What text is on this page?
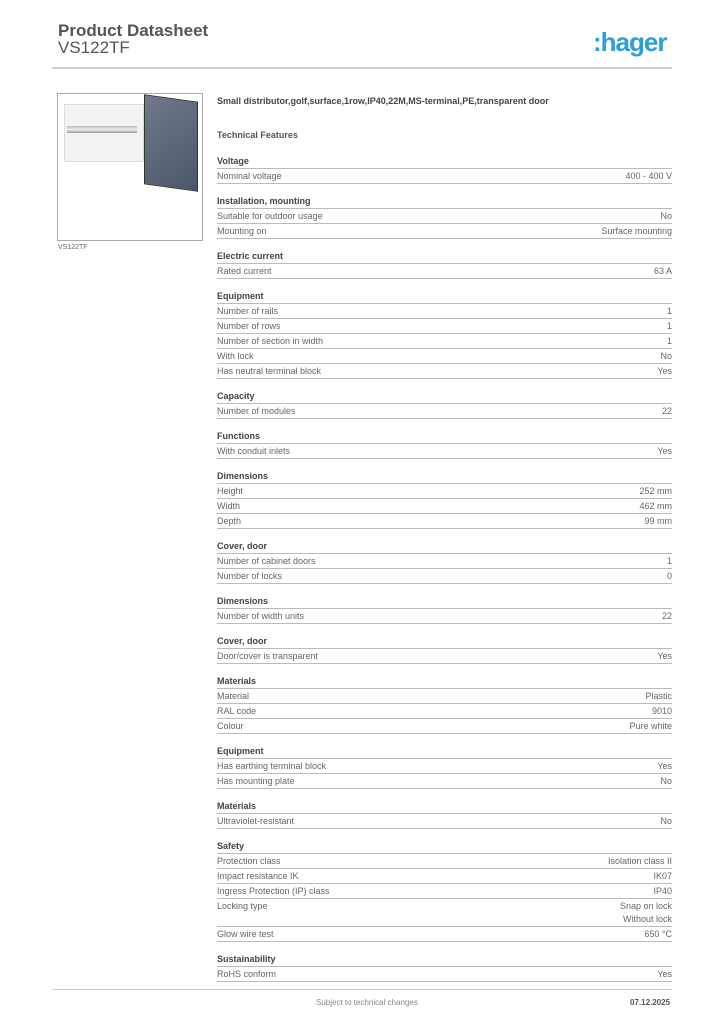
Product Datasheet
VS122TF	:hager
VS122TF
Small distributor,golf,surface,1row,IP40,22M,MS-terminal,PE,transparent door
Technical Features
Voltage
Nominal voltage	400 - 400 V
Installation, mounting
Suitable for outdoor usage	No
Mounting on	Surface mounting
Electric current
Rated current	63 A
Equipment
Number of rails	1
Number of rows	1
Number of section in width	1
With lock	No
Has neutral terminal block	Yes
Capacity
Number of modules	22
Functions
With conduit inlets	Yes
Dimensions
Height	252 mm
Width	462 mm
Depth	99 mm
Cover, door
Number of cabinet doors	1
Number of locks	0
Dimensions
Number of width units	22
Cover, door
Door/cover is transparent	Yes
Materials
Material	Plastic
RAL code	9010
Colour	Pure white
Equipment
Has earthing terminal block	Yes
Has mounting plate	No
Materials
Ultraviolet-resistant	No
Safety
Protection class	Isolation class II
Impact resistance IK	IK07
Ingress Protection (IP) class	IP40
Locking type	Snap on lock
Without lock
Glow wire test	650 °C
Sustainability
RoHS conform	Yes
Subject to technical changes	07.12.2025
